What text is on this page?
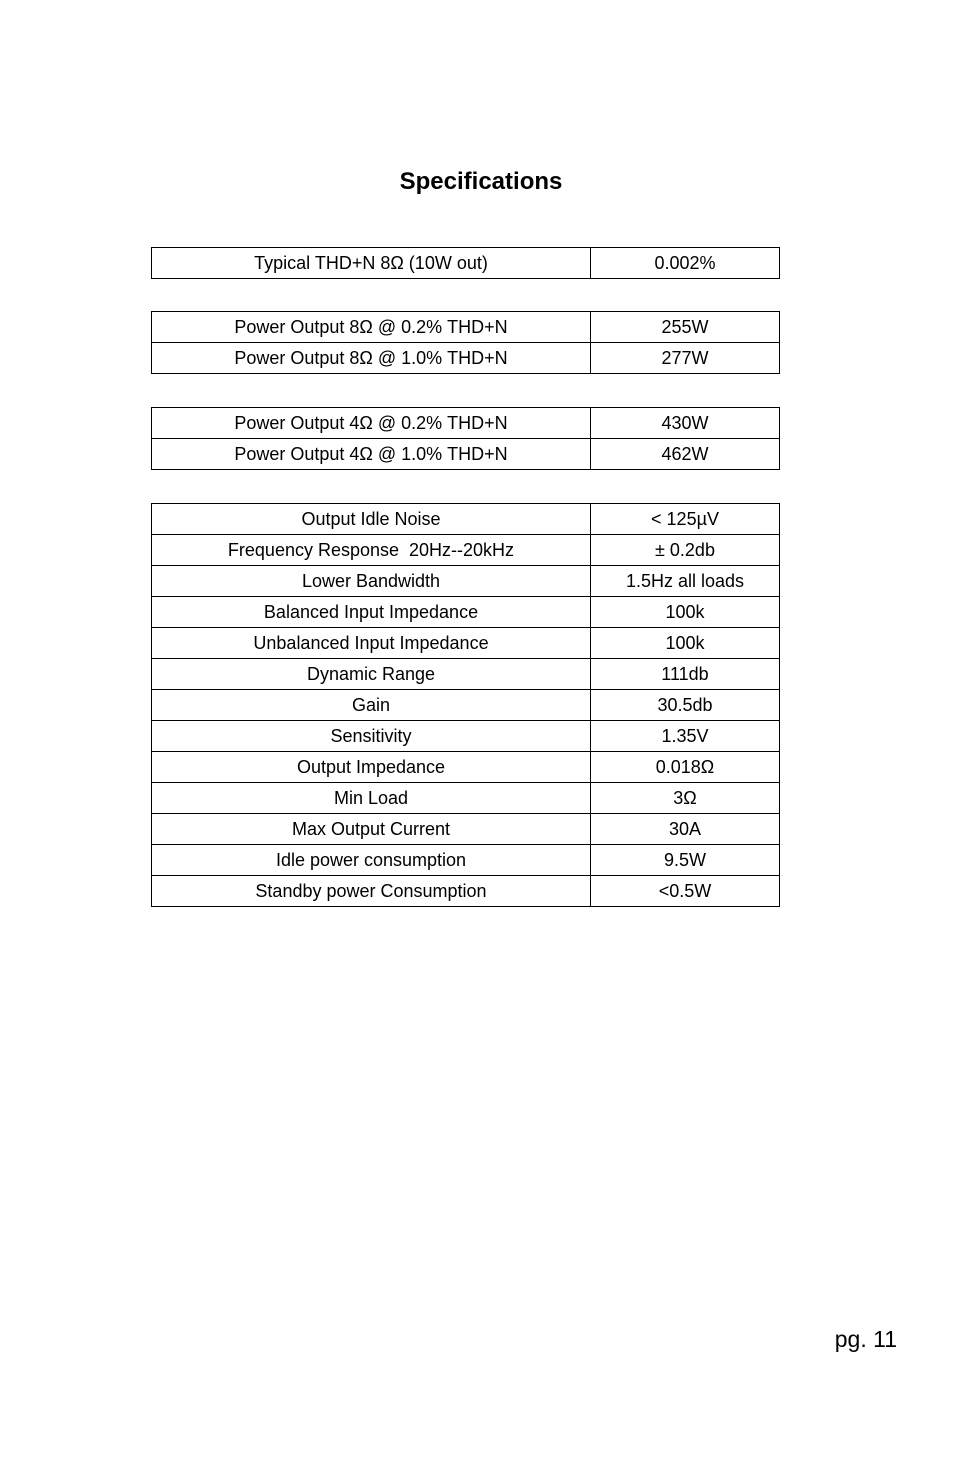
Specifications
Typical THD+N 8Ω (10W out)	0.002%
Power Output 8Ω @ 0.2% THD+N	255W
Power Output 8Ω @ 1.0% THD+N	277W
Power Output 4Ω @ 0.2% THD+N	430W
Power Output 4Ω @ 1.0% THD+N	462W
Output Idle Noise	< 125µV
Frequency Response  20Hz--20kHz	± 0.2db
Lower Bandwidth	1.5Hz all loads
Balanced Input Impedance	100k
Unbalanced Input Impedance	100k
Dynamic Range	111db
Gain	30.5db
Sensitivity	1.35V
Output Impedance	0.018Ω
Min Load	3Ω
Max Output Current	30A
Idle power consumption	9.5W
Standby power Consumption	<0.5W
pg. 11
